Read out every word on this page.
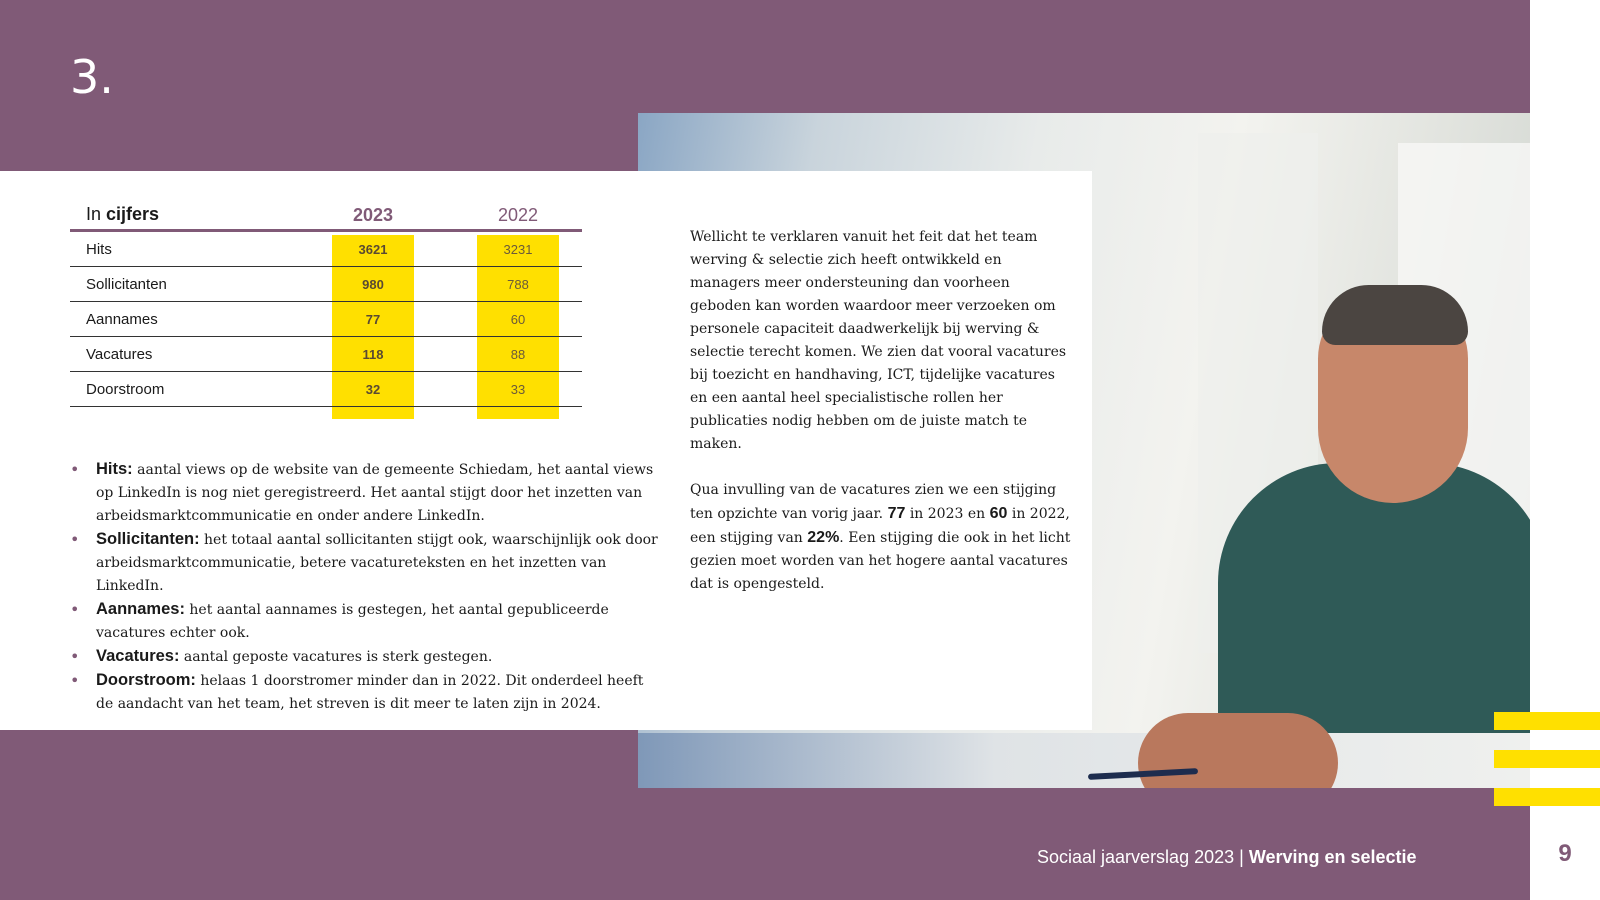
3.
In cijfers	2023	2022
Hits	3621	3231
Sollicitanten	980	788
Aannames	77	60
Vacatures	118	88
Doorstroom	32	33
• Hits: aantal views op de website van de gemeente Schiedam, het aantal views op LinkedIn is nog niet geregistreerd. Het aantal stijgt door het inzetten van arbeidsmarktcommunicatie en onder andere LinkedIn.
• Sollicitanten: het totaal aantal sollicitanten stijgt ook, waarschijnlijk ook door arbeidsmarktcommunicatie, betere vacatureteksten en het inzetten van LinkedIn.
• Aannames: het aantal aannames is gestegen, het aantal gepubliceerde vacatures echter ook.
• Vacatures: aantal geposte vacatures is sterk gestegen.
• Doorstroom: helaas 1 doorstromer minder dan in 2022. Dit onderdeel heeft de aandacht van het team, het streven is dit meer te laten zijn in 2024.

Wellicht te verklaren vanuit het feit dat het team werving & selectie zich heeft ontwikkeld en managers meer ondersteuning dan voorheen geboden kan worden waardoor meer verzoeken om personele capaciteit daadwerkelijk bij werving & selectie terecht komen. We zien dat vooral vacatures bij toezicht en handhaving, ICT, tijdelijke vacatures en een aantal heel specialistische rollen her publicaties nodig hebben om de juiste match te maken.

Qua invulling van de vacatures zien we een stijging ten opzichte van vorig jaar. 77 in 2023 en 60 in 2022, een stijging van 22%. Een stijging die ook in het licht gezien moet worden van het hogere aantal vacatures dat is opengesteld.

Sociaal jaarverslag 2023 | Werving en selectie	9
